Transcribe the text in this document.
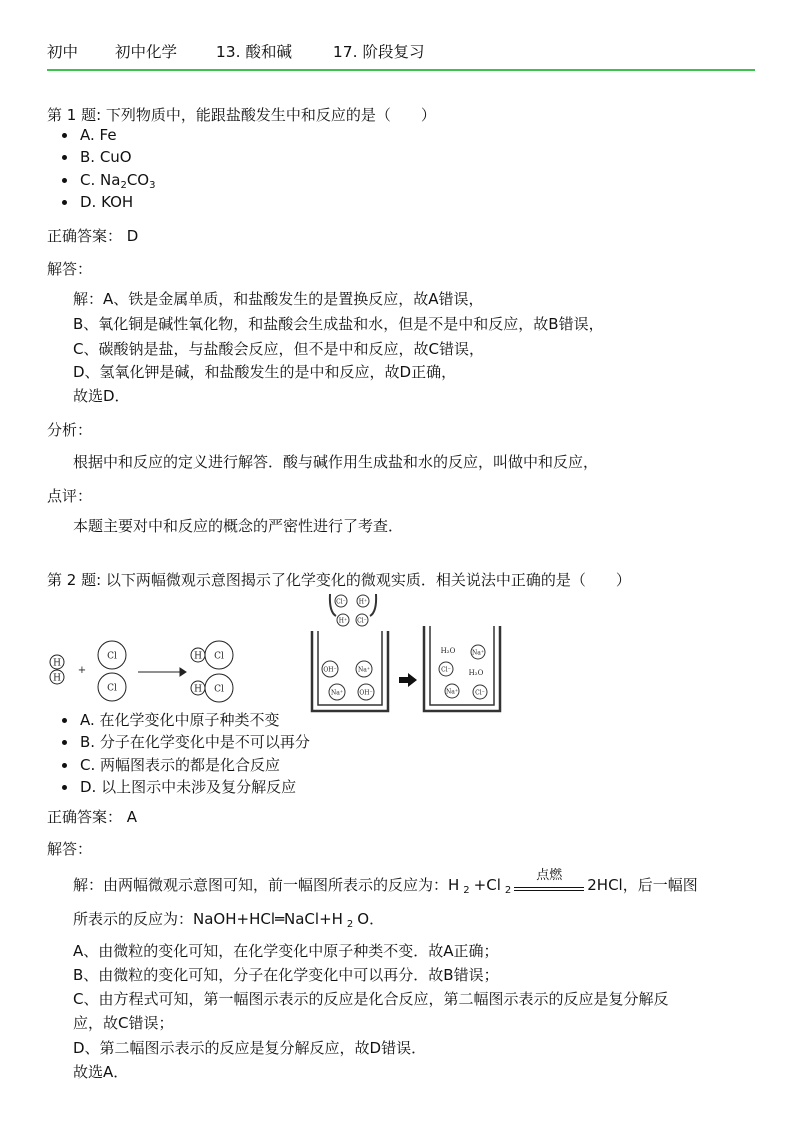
初中 初中化学	13. 酸和碱	17. 阶段复习
第 1 题: 下列物质中，能跟盐酸发生中和反应的是（　　）
A. Fe
B. CuO
C. $Na_2CO_3$
D. KOH
正确答案： D
解答：
解：A、铁是金属单质，和盐酸发生的是置换反应，故A错误，
B、氧化铜是碱性氧化物，和盐酸会生成盐和水，但是不是中和反应，故B错误，
C、碳酸钠是盐，与盐酸会反应，但不是中和反应，故C错误，
D、氢氧化钾是碱，和盐酸发生的是中和反应，故D正确，
故选D．
分析：
根据中和反应的定义进行解答．酸与碱作用生成盐和水的反应，叫做中和反应，
点评：
本题主要对中和反应的概念的严密性进行了考查．
第 2 题: 以下两幅微观示意图揭示了化学变化的微观实质．相关说法中正确的是（　　）
H
H
+
Cl
Cl
H Cl
H Cl
Cl⁻ H⁺
H⁺ Cl⁻
OH⁻	Na⁺
Na⁺	OH⁻
H₂O	Na⁺
Cl⁻	H₂O
Na⁺	Cl⁻
A. 在化学变化中原子种类不变
B. 分子在化学变化中是不可以再分
C. 两幅图表示的都是化合反应
D. 以上图示中未涉及复分解反应
正确答案： A
解答：
解：由两幅微观示意图可知，前一幅图所表示的反应为：H $_2$ +Cl $_2$
点燃
2HCl，后一幅图
所表示的反应为：NaOH+HCl═NaCl+H $_2$ O．
A、由微粒的变化可知，在化学变化中原子种类不变．故A正确；
B、由微粒的变化可知，分子在化学变化中可以再分．故B错误；
C、由方程式可知，第一幅图示表示的反应是化合反应，第二幅图示表示的反应是复分解反
应，故C错误；
D、第二幅图示表示的反应是复分解反应，故D错误．
故选A．
